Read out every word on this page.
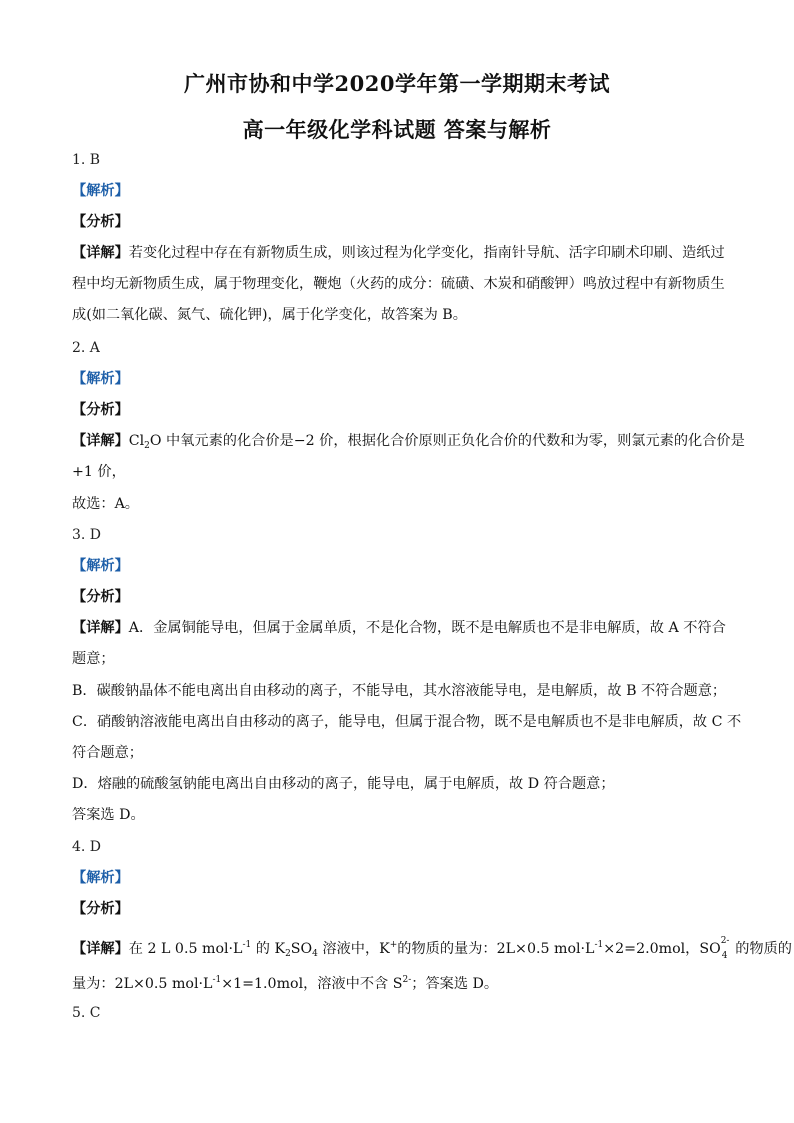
广州市协和中学2020学年第一学期期末考试
高一年级化学科试题 答案与解析
1. B
【解析】
【分析】
【详解】若变化过程中存在有新物质生成，则该过程为化学变化，指南针导航、活字印刷术印刷、造纸过
程中均无新物质生成，属于物理变化，鞭炮（火药的成分：硫磺、木炭和硝酸钾）鸣放过程中有新物质生
成(如二氧化碳、氮气、硫化钾)，属于化学变化，故答案为 B。
2. A
【解析】
【分析】
【详解】$Cl_2O$ 中氧元素的化合价是−2 价，根据化合价原则正负化合价的代数和为零，则氯元素的化合价是
+1 价，
故选：A。
3. D
【解析】
【分析】
【详解】A．金属铜能导电，但属于金属单质，不是化合物，既不是电解质也不是非电解质，故 A 不符合
题意；
B．碳酸钠晶体不能电离出自由移动的离子，不能导电，其水溶液能导电，是电解质，故 B 不符合题意；
C．硝酸钠溶液能电离出自由移动的离子，能导电，但属于混合物，既不是电解质也不是非电解质，故 C 不
符合题意；
D．熔融的硫酸氢钠能电离出自由移动的离子，能导电，属于电解质，故 D 符合题意；
答案选 D。
4. D
【解析】
【分析】
【详解】在 2 L 0.5 $mol\cdot L^{-1}$ 的 $K_2SO_4$ 溶液中，K+的物质的量为：2L×0.5 $mol\cdot L^{-1}\times 2=2.0mol$，SO 2-
4 的物质的
量为：2L×0.5 $mol\cdot L^{-1}\times 1=1.0mol$，溶液中不含 $S^{2-}$；答案选 D。
5. C
